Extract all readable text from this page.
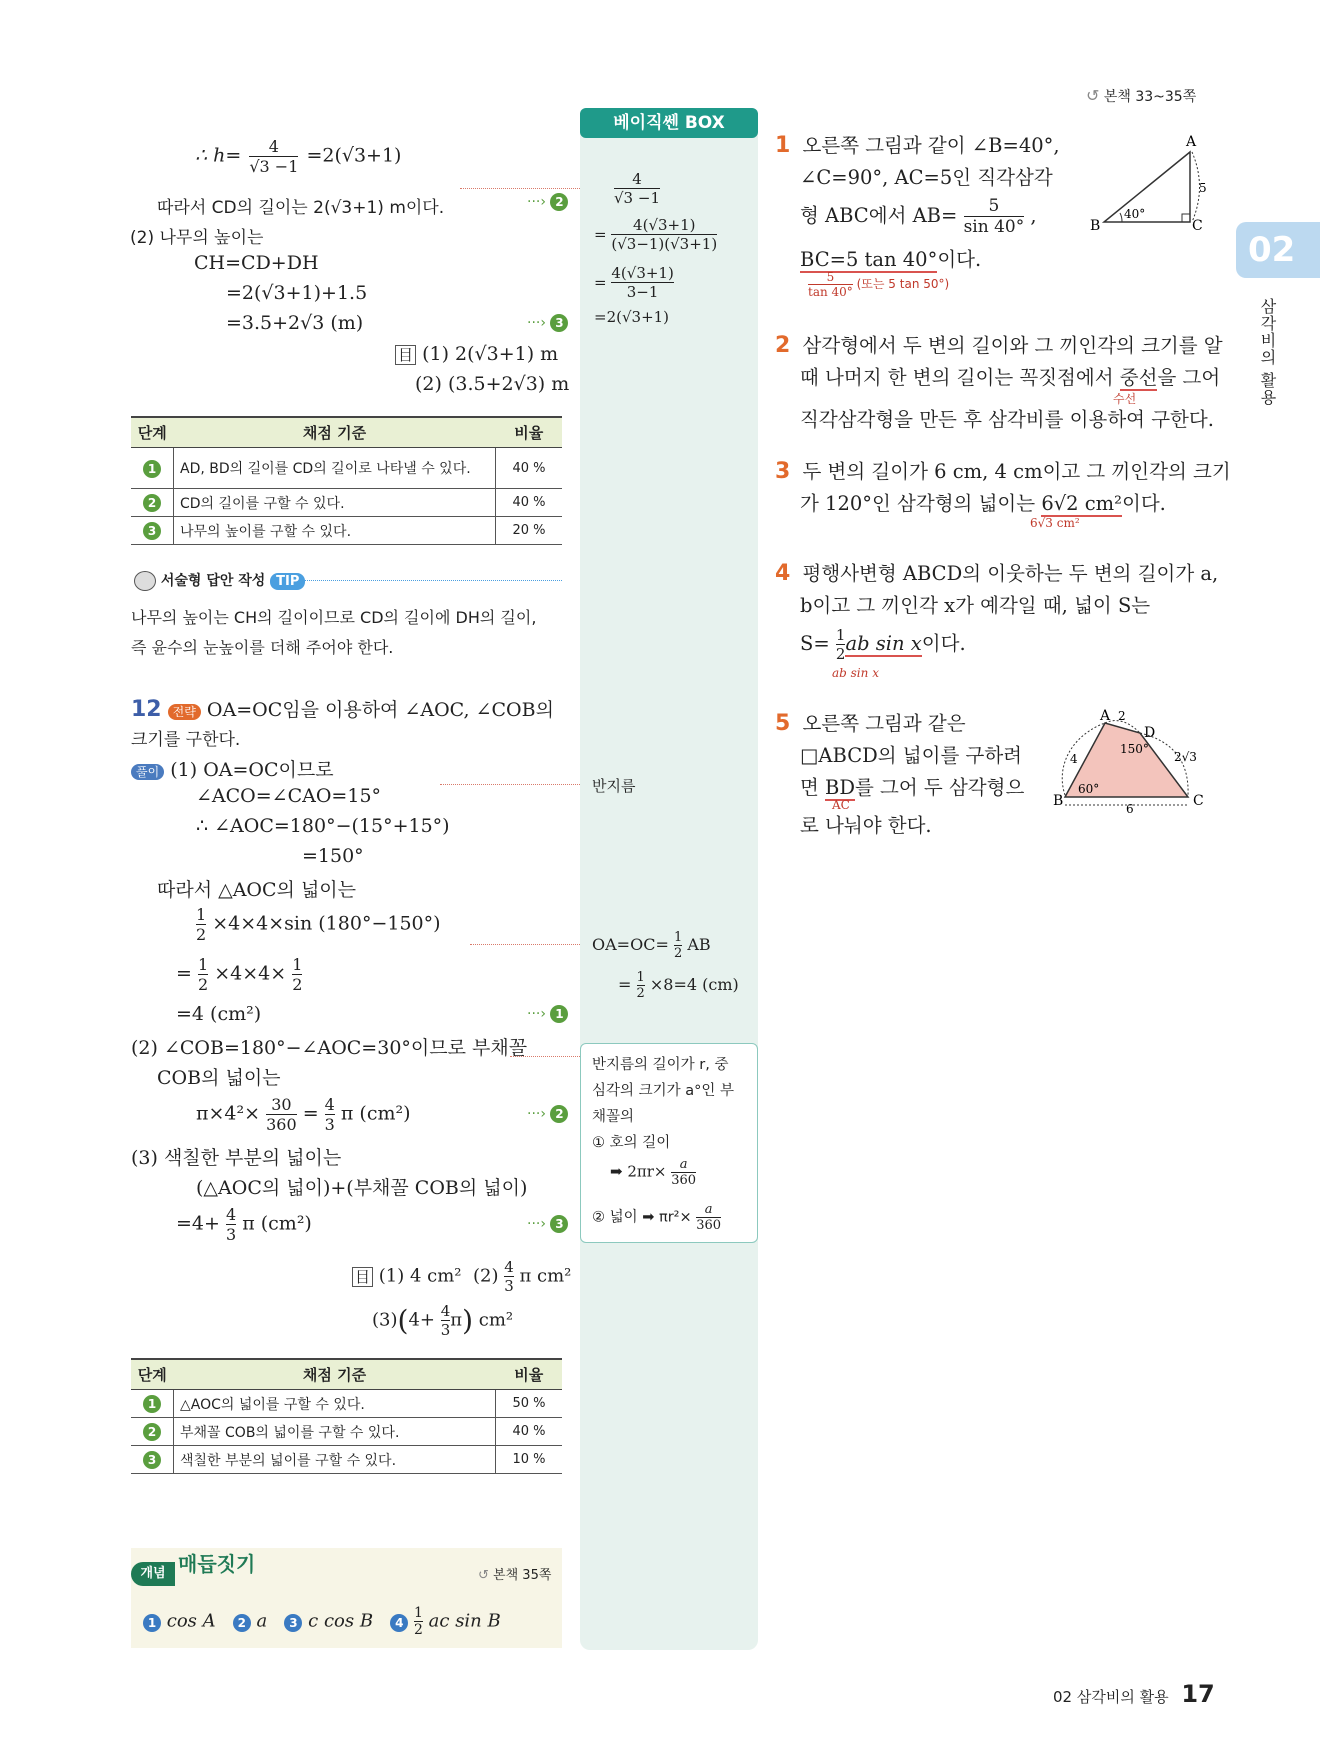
↺ 본책 33~35쪽
02
삼각비의 활용
베이직쎈 BOX
∴ $h= \frac{4}{√3 -1} =2(√3+1)$
따라서 CD의 길이는 2(√3+1) m이다.	···› 2
(2) 나무의 높이는
CH=CD+DH
=2(√3+1)+1.5
=3.5+2√3 (m)	···› 3
目 (1) 2(√3+1) m
(2) (3.5+2√3) m
단계	채점 기준	비율
1	AD, BD의 길이를 CD의 길이로 나타낼 수 있다.	40 %
2	CD의 길이를 구할 수 있다.	40 %
3	나무의 높이를 구할 수 있다.	20 %
서술형 답안 작성 TIP
나무의 높이는 CH의 길이이므로 CD의 길이에 DH의 길이,
즉 윤수의 눈높이를 더해 주어야 한다.
12 전략 OA=OC임을 이용하여 ∠AOC, ∠COB의
크기를 구한다.
풀이 (1) OA=OC이므로
∠ACO=∠CAO=15°
∴ ∠AOC=180°−(15°+15°)
=150°
따라서 △AOC의 넓이는
$\frac{1}{2} \times 4\times 4\times\sin$ (180°−150°)
= $\frac{1}{2} \times 4\times 4\times \frac{1}{2}$
=4 (cm²)	···› 1
(2) ∠COB=180°−∠AOC=30°이므로 부채꼴
COB의 넓이는
$\pi\times 4^2\times \frac{30}{360} = \frac{4}{3}$ π (cm²)	···› 2
(3) 색칠한 부분의 넓이는
(△AOC의 넓이)+(부채꼴 COB의 넓이)
$=4+ \frac{4}{3}$ π (cm²)	···› 3
目 (1) 4 cm² $(2) \frac{4}{3}$ π cm²
$(3)(4+ \frac{4}{3} \pi)$ cm²
단계	채점 기준	비율
1	△AOC의 넓이를 구할 수 있다.	50 %
2	부채꼴 COB의 넓이를 구할 수 있다.	40 %
3	색칠한 부분의 넓이를 구할 수 있다.	10 %
개념 매듭짓기	↺ 본책 35쪽
1 cos A 2 a 3 c cos B $4 \frac{1}{2}$ ac sin B
4
√3 −1
= $\frac{4(√3+1)}{(√3-1)(√3+1)}$
= $\frac{4(√3+1)}{3-1}$
=2(√3+1)
반지름
$OA=OC= \frac{1}{2}$ AB
= $\frac{1}{2} \times 8=4$ (cm)
반지름의 길이가 r, 중
심각의 크기가 a°인 부
채꼴의
① 호의 길이
➡ $2\pi r\times \frac{a}{360}$
② 넓이 ➡ $\pi r^2\times \frac{a}{360}$
1 오른쪽 그림과 같이 ∠B=40°,
∠C=90°, AC=5인 직각삼각
형 ABC에서 $AB= \frac{5}{\sin 40^\circ}$ ,
BC=5 tan 40°이다.
$\frac{5}{\tan 40^\circ}$ (또는 5 tan 50°)
A
B	C
40°
5
2 삼각형에서 두 변의 길이와 그 끼인각의 크기를 알
때 나머지 한 변의 길이는 꼭짓점에서 중선을 그어
수선
직각삼각형을 만든 후 삼각비를 이용하여 구한다.
3 두 변의 길이가 6 cm, 4 cm이고 그 끼인각의 크기
가 120°인 삼각형의 넓이는 6√2 cm²이다.
6√3 cm²
4 평행사변형 ABCD의 이웃하는 두 변의 길이가 a,
b이고 그 끼인각 x가 예각일 때, 넓이 S는
$S= \frac{1}{2}$ ab sin x이다.
ab sin x
5 오른쪽 그림과 같은
□ABCD의 넓이를 구하려
면 BD를 그어 두 삼각형으
AC
로 나눠야 한다.
A
B	C
D
4
2
2√3
6
60°
150°
02 삼각비의 활용 17
